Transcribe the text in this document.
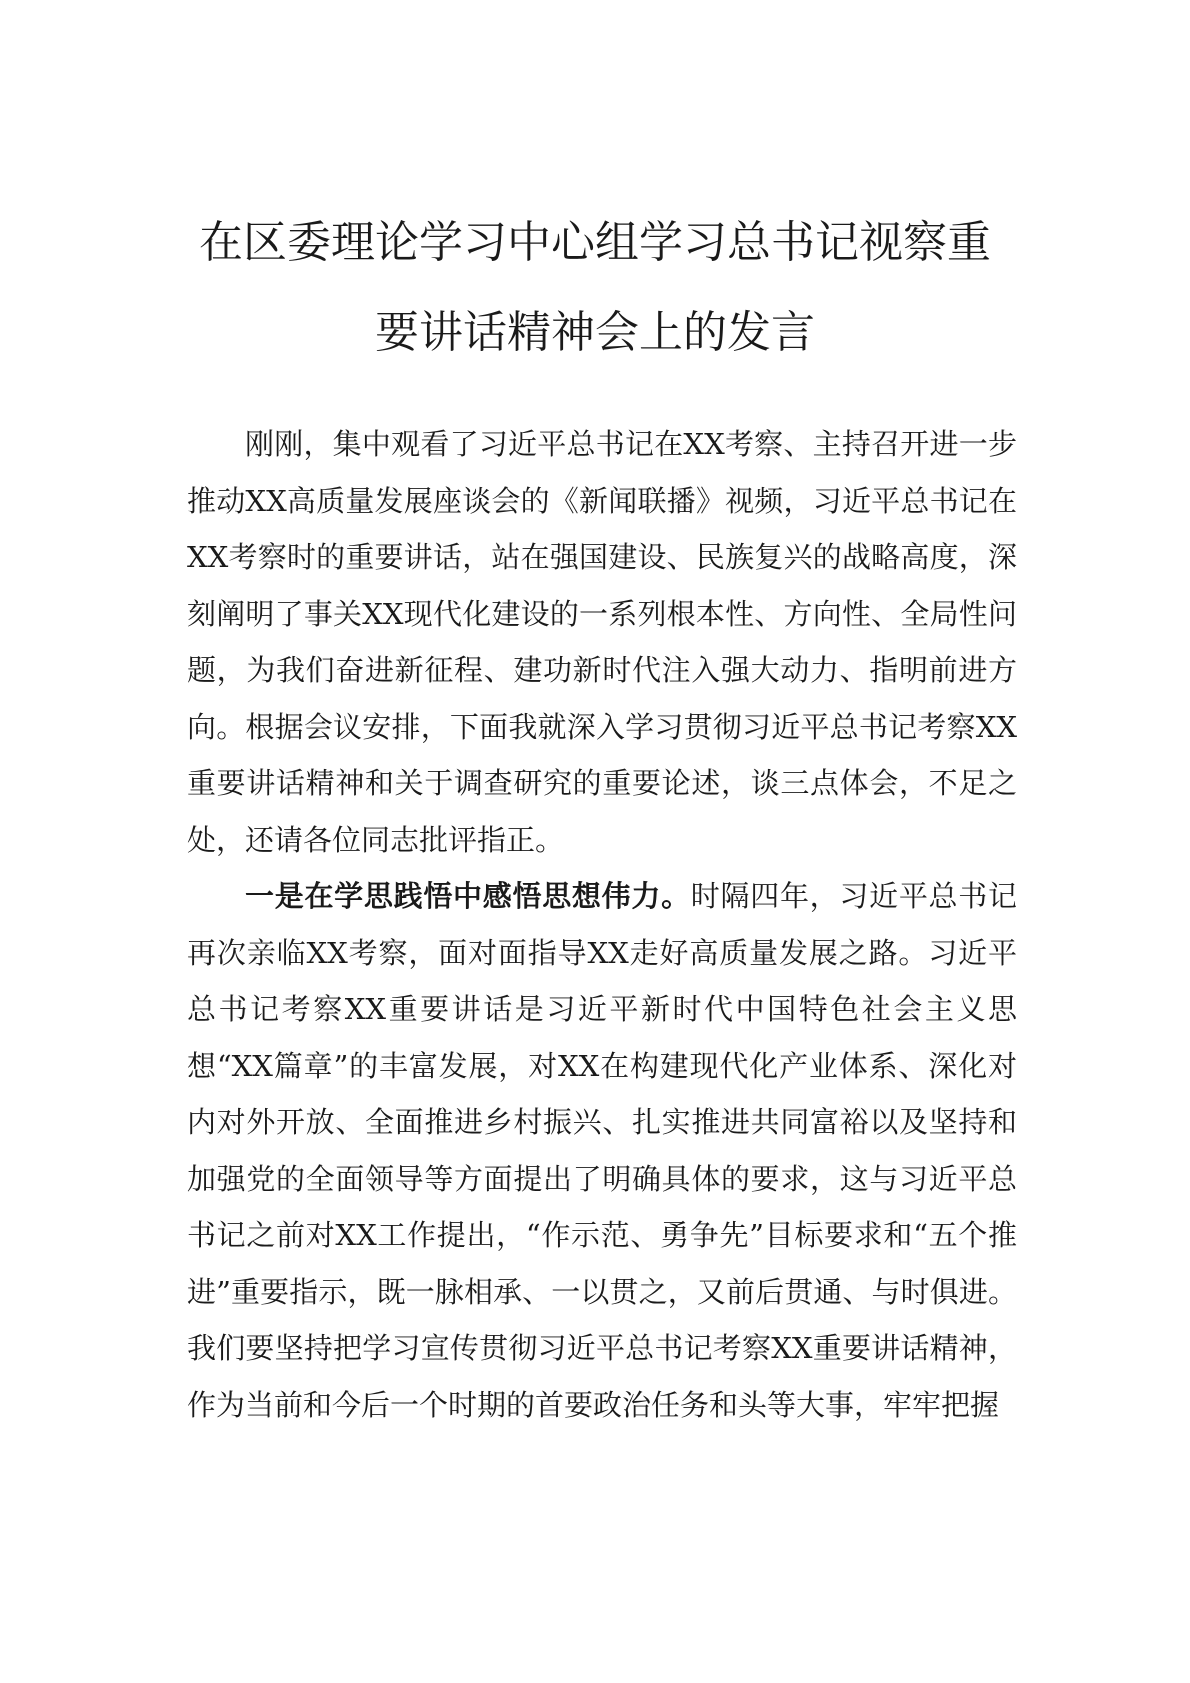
在区委理论学习中心组学习总书记视察重
要讲话精神会上的发言

刚刚，集中观看了习近平总书记在XX考察、主持召开进一步推动XX高质量发展座谈会的《新闻联播》视频，习近平总书记在XX考察时的重要讲话，站在强国建设、民族复兴的战略高度，深刻阐明了事关XX现代化建设的一系列根本性、方向性、全局性问题，为我们奋进新征程、建功新时代注入强大动力、指明前进方向。根据会议安排，下面我就深入学习贯彻习近平总书记考察XX重要讲话精神和关于调查研究的重要论述，谈三点体会，不足之处，还请各位同志批评指正。

一是在学思践悟中感悟思想伟力。时隔四年，习近平总书记再次亲临XX考察，面对面指导XX走好高质量发展之路。习近平总书记考察XX重要讲话是习近平新时代中国特色社会主义思想“XX篇章”的丰富发展，对XX在构建现代化产业体系、深化对内对外开放、全面推进乡村振兴、扎实推进共同富裕以及坚持和加强党的全面领导等方面提出了明确具体的要求，这与习近平总书记之前对XX工作提出，“作示范、勇争先”目标要求和“五个推进”重要指示，既一脉相承、一以贯之，又前后贯通、与时俱进。我们要坚持把学习宣传贯彻习近平总书记考察XX重要讲话精神，作为当前和今后一个时期的首要政治任务和头等大事，牢牢把握
